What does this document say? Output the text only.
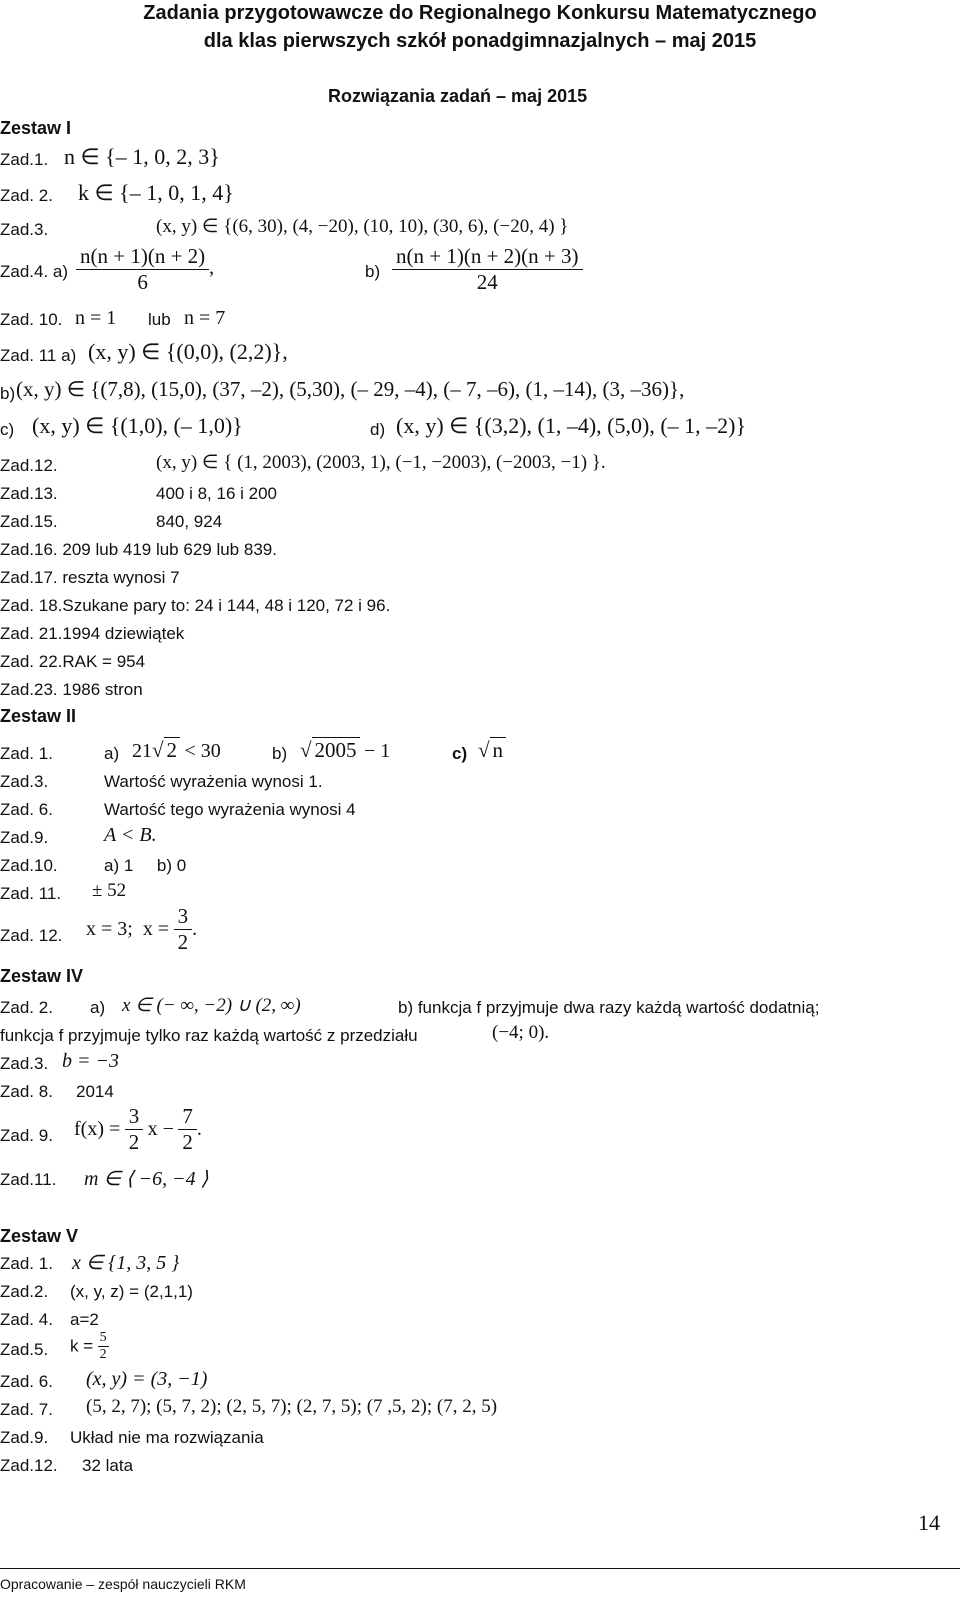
Zadania przygotowawcze do Regionalnego Konkursu Matematycznego
dla klas pierwszych szkół ponadgimnazjalnych – maj 2015
Rozwiązania zadań – maj 2015
Zestaw I
Zad.1. n ∈ {– 1, 0, 2, 3}
Zad. 2. k ∈ {– 1, 0, 1, 4}
Zad.3.	(x, y) ∈ {(6, 30), (4, −20), (10, 10), (30, 6), (−20, 4) }
Zad.4. $a) \frac{n(n + 1)(n + 2)}{6}$ ,	$b) \frac{n(n + 1)(n + 2)(n + 3)}{24}$
Zad. 10. n = 1 lub n = 7
Zad. 11 a) (x, y) ∈ {(0,0), (2,2)},
b) (x, y) ∈ {(7,8), (15,0), (37, –2), (5,30), (– 29, –4), (– 7, –6), (1, –14), (3, –36)},
c) (x, y) ∈ {(1,0), (– 1,0)}	d) (x, y) ∈ {(3,2), (1, –4), (5,0), (– 1, –2)}
Zad.12.	(x, y) ∈ { (1, 2003), (2003, 1), (−1, −2003), (−2003, −1) }.
Zad.13.	400 i 8, 16 i 200
Zad.15.	840, 924
Zad.16. 209 lub 419 lub 629 lub 839.
Zad.17. reszta wynosi 7
Zad. 18.Szukane pary to: 24 i 144, 48 i 120, 72 i 96.
Zad. 21.1994 dziewiątek
Zad. 22.RAK = 954
Zad.23. 1986 stron
Zestaw II
Zad. 1.	a) 21√ 2 < 30	b) √ 2005 − 1	c) √ n
Zad.3.	Wartość wyrażenia wynosi 1.
Zad. 6.	Wartość tego wyrażenia wynosi 4
Zad.9.	A < B.
Zad.10.	a) 1     b) 0
Zad. 11. ± 52
Zad. 12. x = 3;  $x = \frac{3}{2}$ .
Zestaw IV
Zad. 2. a) x ∈ (− ∞, −2) ∪ (2, ∞)	b) funkcja f przyjmuje dwa razy każdą wartość dodatnią;
funkcja f przyjmuje tylko raz każdą wartość z przedziału	(−4; 0).
Zad.3. b = −3
Zad. 8. 2014
Zad. 9. $f(x) = \frac{3}{2}$ $x - \frac{7}{2}$ .
Zad.11. m ∈ ⟨ −6, −4 ⟩
Zestaw V
Zad. 1. x ∈ {1, 3, 5 }
Zad.2. (x, y, z) = (2,1,1)
Zad. 4. a=2
Zad.5. $k = \frac{5}{2}$
Zad. 6. (x, y) = (3, −1)
Zad. 7. (5, 2, 7); (5, 7, 2); (2, 5, 7); (2, 7, 5); (7 ,5, 2); (7, 2, 5)
Zad.9. Układ nie ma rozwiązania
Zad.12. 32 lata
14
Opracowanie – zespół nauczycieli RKM
